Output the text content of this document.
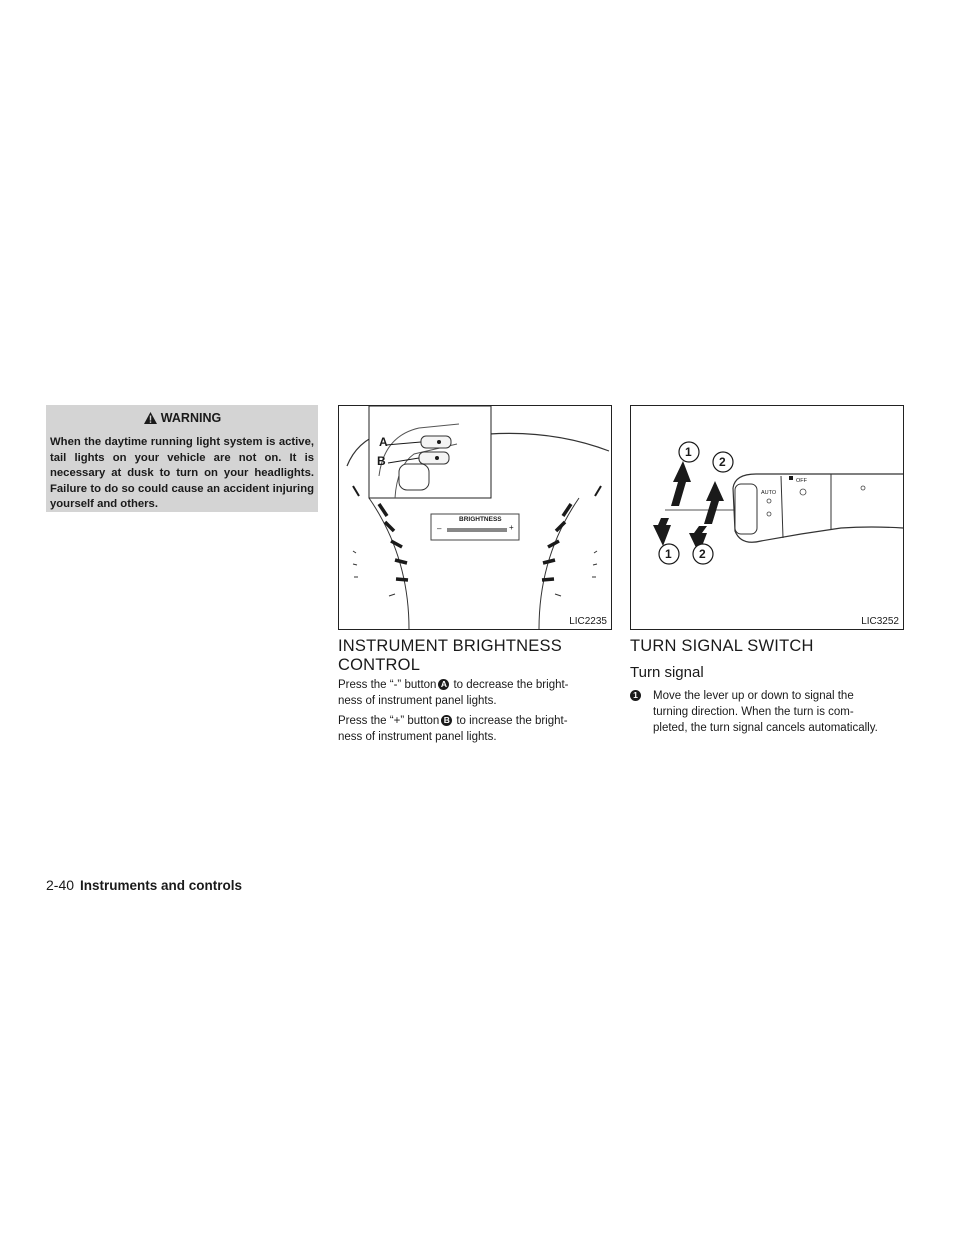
WARNING
When the daytime running light system is active, tail lights on your vehicle are not on. It is necessary at dusk to turn on your headlights. Failure to do so could cause an accident injuring yourself and others.
A
B
BRIGHTNESS
–	+
LIC2235
1
2
1 2
AUTO
OFF
LIC3252
INSTRUMENT BRIGHTNESS
CONTROL
Press the “-” button A to decrease the bright-
ness of instrument panel lights.
Press the “+” button B to increase the bright-
ness of instrument panel lights.
TURN SIGNAL SWITCH
Turn signal
1 Move the lever up or down to signal the
turning direction. When the turn is com-
pleted, the turn signal cancels automatically.
2-40 Instruments and controls
